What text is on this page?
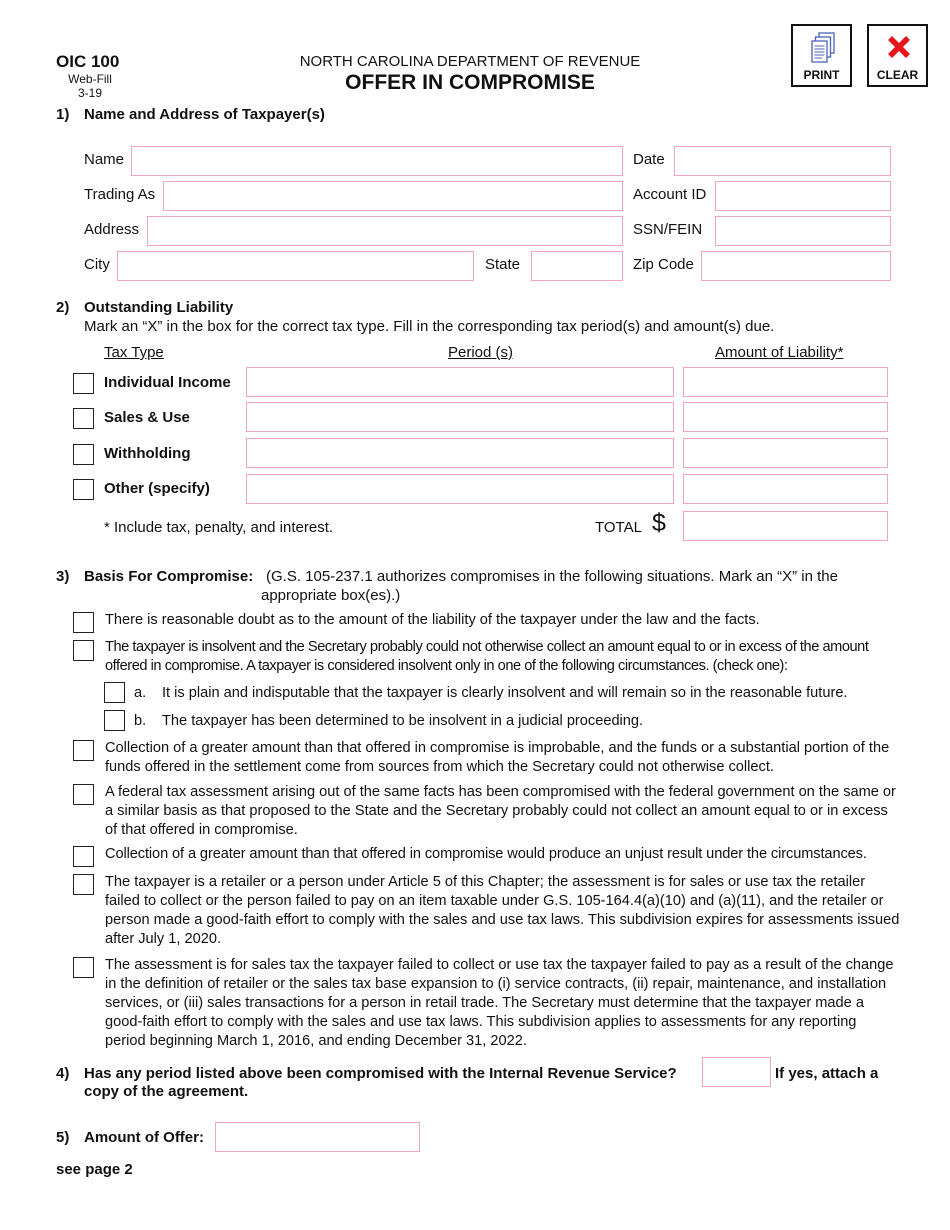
OIC 100
Web-Fill
3-19
NORTH CAROLINA DEPARTMENT OF REVENUE
OFFER IN COMPROMISE	PRINT	CLEAR
1) Name and Address of Taxpayer(s)
Name	Date
Trading As	Account ID
Address	SSN/FEIN
City	State	Zip Code
2) Outstanding Liability
Mark an “X” in the box for the correct tax type. Fill in the corresponding tax period(s) and amount(s) due.
Tax Type	Period (s)	Amount of Liability*
Individual Income
Sales & Use
Withholding
Other (specify)
* Include tax, penalty, and interest.	TOTAL $
3) Basis For Compromise: (G.S. 105-237.1 authorizes compromises in the following situations. Mark an “X” in the
appropriate box(es).)
There is reasonable doubt as to the amount of the liability of the taxpayer under the law and the facts.
The taxpayer is insolvent and the Secretary probably could not otherwise collect an amount equal to or in excess of the amount offered in compromise. A taxpayer is considered insolvent only in one of the following circumstances. (check one):
a. It is plain and indisputable that the taxpayer is clearly insolvent and will remain so in the reasonable future.
b. The taxpayer has been determined to be insolvent in a judicial proceeding.
Collection of a greater amount than that offered in compromise is improbable, and the funds or a substantial portion of the funds offered in the settlement come from sources from which the Secretary could not otherwise collect.
A federal tax assessment arising out of the same facts has been compromised with the federal government on the same or a similar basis as that proposed to the State and the Secretary probably could not collect an amount equal to or in excess of that offered in compromise.
Collection of a greater amount than that offered in compromise would produce an unjust result under the circumstances.
The taxpayer is a retailer or a person under Article 5 of this Chapter; the assessment is for sales or use tax the retailer failed to collect or the person failed to pay on an item taxable under G.S. 105-164.4(a)(10) and (a)(11), and the retailer or person made a good-faith effort to comply with the sales and use tax laws. This subdivision expires for assessments issued after July 1, 2020.
The assessment is for sales tax the taxpayer failed to collect or use tax the taxpayer failed to pay as a result of the change in the definition of retailer or the sales tax base expansion to (i) service contracts, (ii) repair, maintenance, and installation services, or (iii) sales transactions for a person in retail trade. The Secretary must determine that the taxpayer made a good-faith effort to comply with the sales and use tax laws. This subdivision applies to assessments for any reporting period beginning March 1, 2016, and ending December 31, 2022.
4) Has any period listed above been compromised with the Internal Revenue Service?	If yes, attach a
copy of the agreement.
5) Amount of Offer:
see page 2
